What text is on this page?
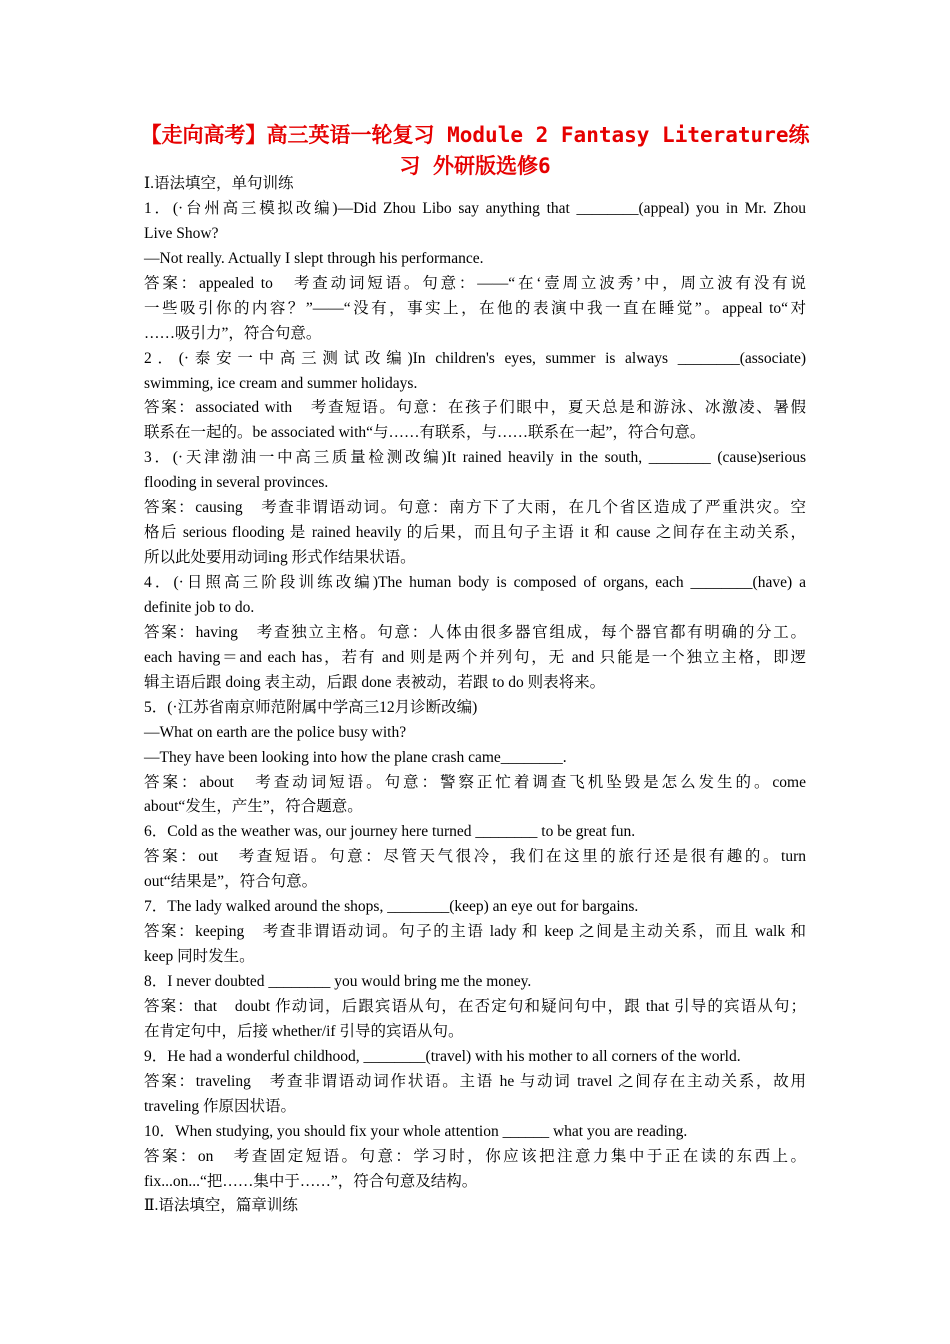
【走向高考】高三英语一轮复习 Module 2 Fantasy Literature练
习 外研版选修6
Ⅰ.语法填空，单句训练
1．(·台州高三模拟改编)—Did Zhou Libo say anything that ________(appeal) you in Mr. Zhou
Live Show?
—Not really. Actually I slept through his performance.
答案：appealed to　考查动词短语。句意：——“在‘壹周立波秀’中，周立波有没有说
一些吸引你的内容？”——“没有，事实上，在他的表演中我一直在睡觉”。appeal to“对
……吸引力”，符合句意。
2．(·泰安一中高三测试改编)In children's eyes, summer is always ________(associate)
swimming, ice cream and summer holidays.
答案：associated with　考查短语。句意：在孩子们眼中，夏天总是和游泳、冰激凌、暑假
联系在一起的。be associated with“与……有联系，与……联系在一起”，符合句意。
3．(·天津渤油一中高三质量检测改编)It rained heavily in the south, ________ (cause)serious
flooding in several provinces.
答案：causing　考查非谓语动词。句意：南方下了大雨，在几个省区造成了严重洪灾。空
格后 serious flooding 是 rained heavily 的后果，而且句子主语 it 和 cause 之间存在主动关系，
所以此处要用动词ing 形式作结果状语。
4．(·日照高三阶段训练改编)The human body is composed of organs, each ________(have) a
definite job to do.
答案：having　考查独立主格。句意：人体由很多器官组成，每个器官都有明确的分工。
each having＝and each has，若有 and 则是两个并列句，无 and 只能是一个独立主格，即逻
辑主语后跟 doing 表主动，后跟 done 表被动，若跟 to do 则表将来。
5．(·江苏省南京师范附属中学高三12月诊断改编)
—What on earth are the police busy with?
—They have been looking into how the plane crash came________.
答案：about　考查动词短语。句意：警察正忙着调查飞机坠毁是怎么发生的。come
about“发生，产生”，符合题意。
6．Cold as the weather was, our journey here turned ________ to be great fun.
答案：out　考查短语。句意：尽管天气很冷，我们在这里的旅行还是很有趣的。turn
out“结果是”，符合句意。
7．The lady walked around the shops, ________(keep) an eye out for bargains.
答案：keeping　考查非谓语动词。句子的主语 lady 和 keep 之间是主动关系，而且 walk 和
keep 同时发生。
8．I never doubted ________ you would bring me the money.
答案：that　doubt 作动词，后跟宾语从句，在否定句和疑问句中，跟 that 引导的宾语从句；
在肯定句中，后接 whether/if 引导的宾语从句。
9．He had a wonderful childhood, ________(travel) with his mother to all corners of the world.
答案：traveling　考查非谓语动词作状语。主语 he 与动词 travel 之间存在主动关系，故用
traveling 作原因状语。
10．When studying, you should fix your whole attention ______ what you are reading.
答案：on　考查固定短语。句意：学习时，你应该把注意力集中于正在读的东西上。
fix...on...“把……集中于……”，符合句意及结构。
Ⅱ.语法填空，篇章训练
